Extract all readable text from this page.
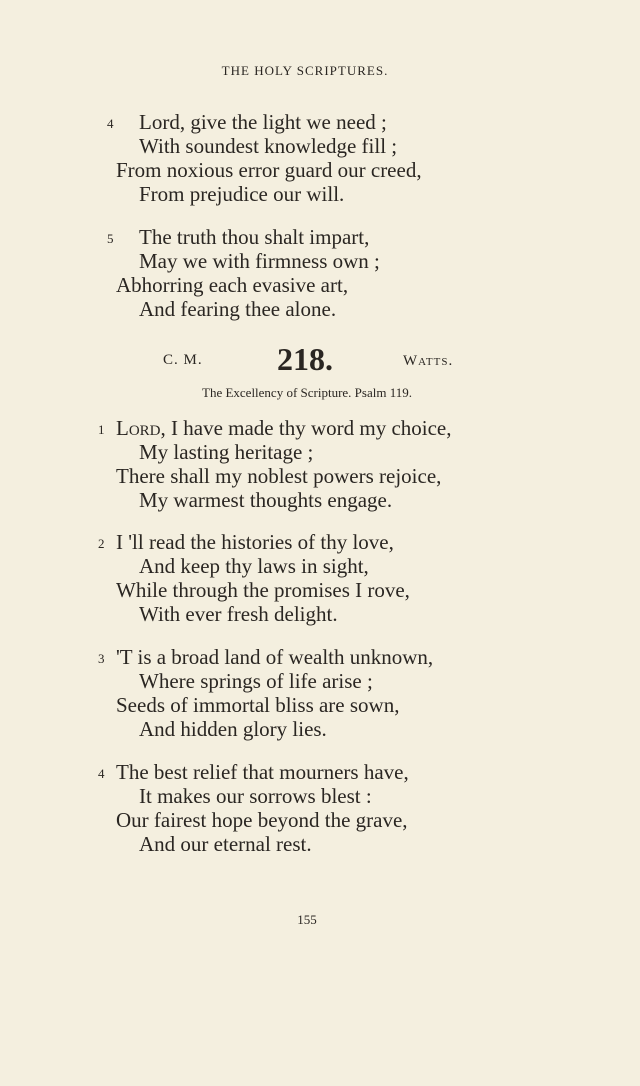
THE HOLY SCRIPTURES.
4 Lord, give the light we need ;
With soundest knowledge fill ;
From noxious error guard our creed,
From prejudice our will.
5 The truth thou shalt impart,
May we with firmness own ;
Abhorring each evasive art,
And fearing thee alone.
C. M. 218.	Watts.
The Excellency of Scripture. Psalm 119.
1 Lord, I have made thy word my choice,
My lasting heritage ;
There shall my noblest powers rejoice,
My warmest thoughts engage.
2 I 'll read the histories of thy love,
And keep thy laws in sight,
While through the promises I rove,
With ever fresh delight.
3 'T is a broad land of wealth unknown,
Where springs of life arise ;
Seeds of immortal bliss are sown,
And hidden glory lies.
4 The best relief that mourners have,
It makes our sorrows blest :
Our fairest hope beyond the grave,
And our eternal rest.
155
